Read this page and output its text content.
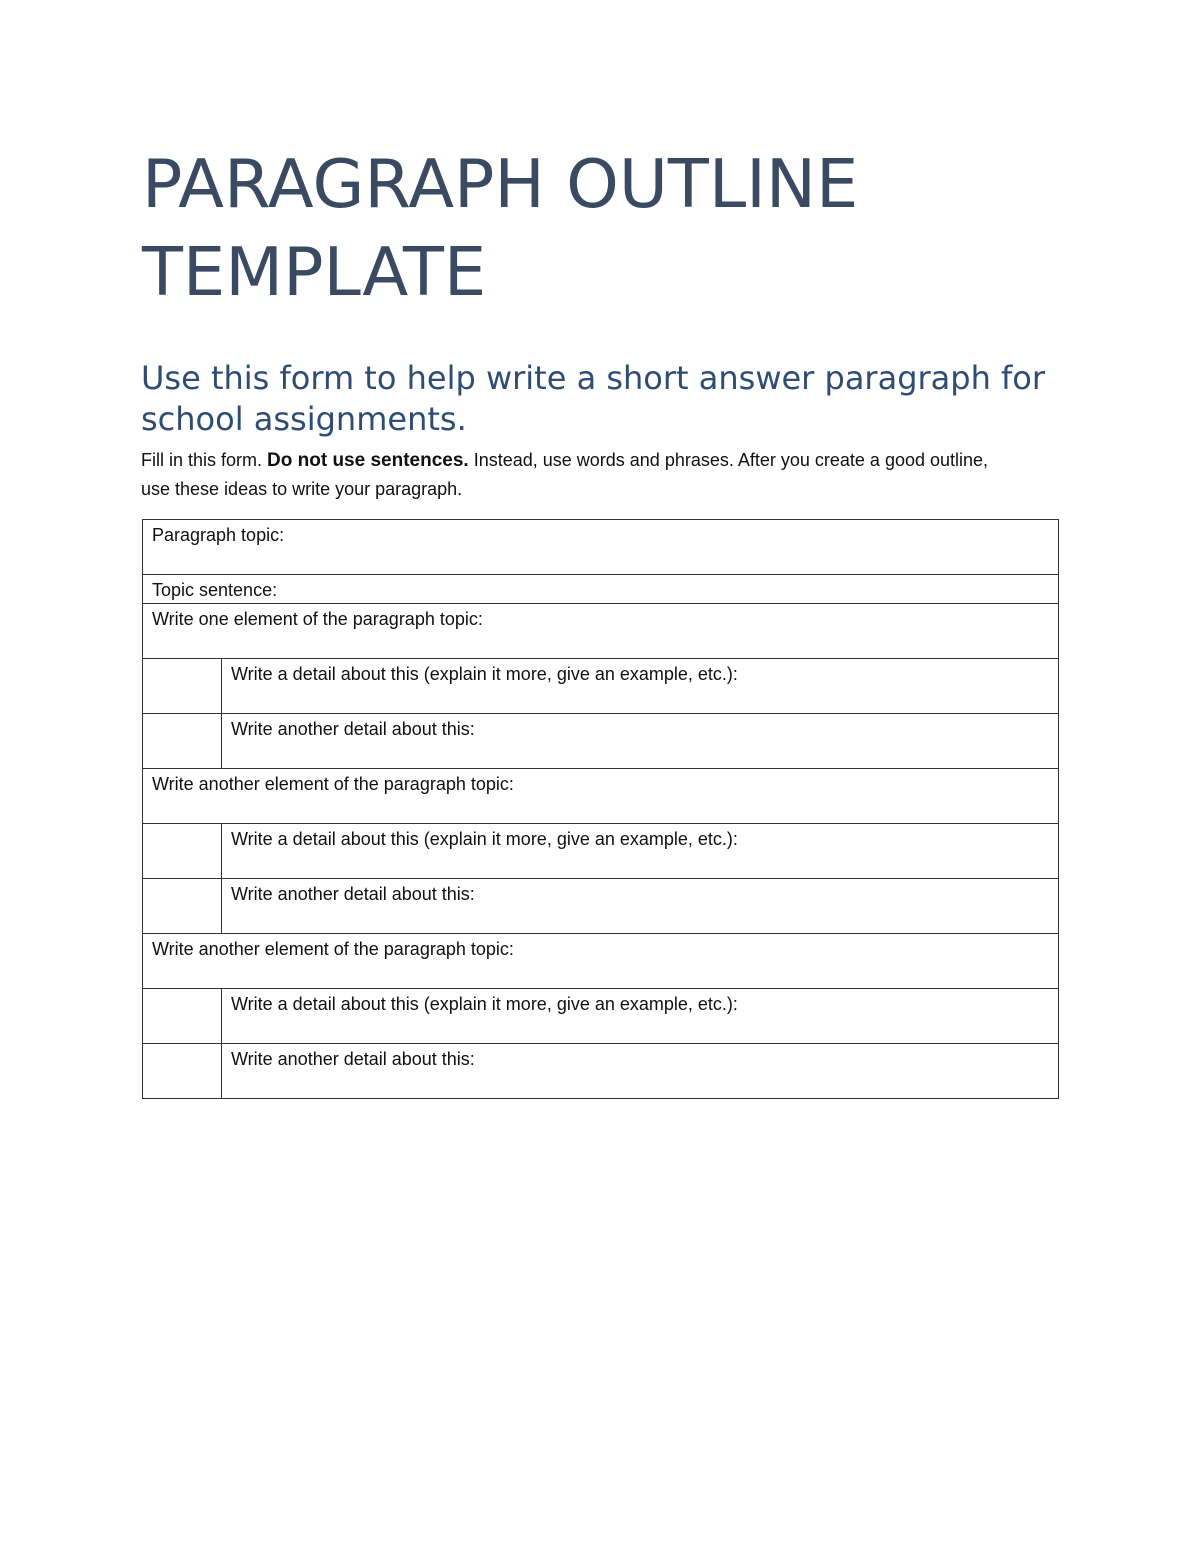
PARAGRAPH OUTLINE TEMPLATE
Use this form to help write a short answer paragraph for school assignments.

Fill in this form. Do not use sentences. Instead, use words and phrases. After you create a good outline, use these ideas to write your paragraph.

Paragraph topic:	
Topic sentence:	
Write one element of the paragraph topic:	
	Write a detail about this (explain it more, give an example, etc.):
	Write another detail about this:
Write another element of the paragraph topic:	
	Write a detail about this (explain it more, give an example, etc.):
	Write another detail about this:
Write another element of the paragraph topic:	
	Write a detail about this (explain it more, give an example, etc.):
	Write another detail about this:
